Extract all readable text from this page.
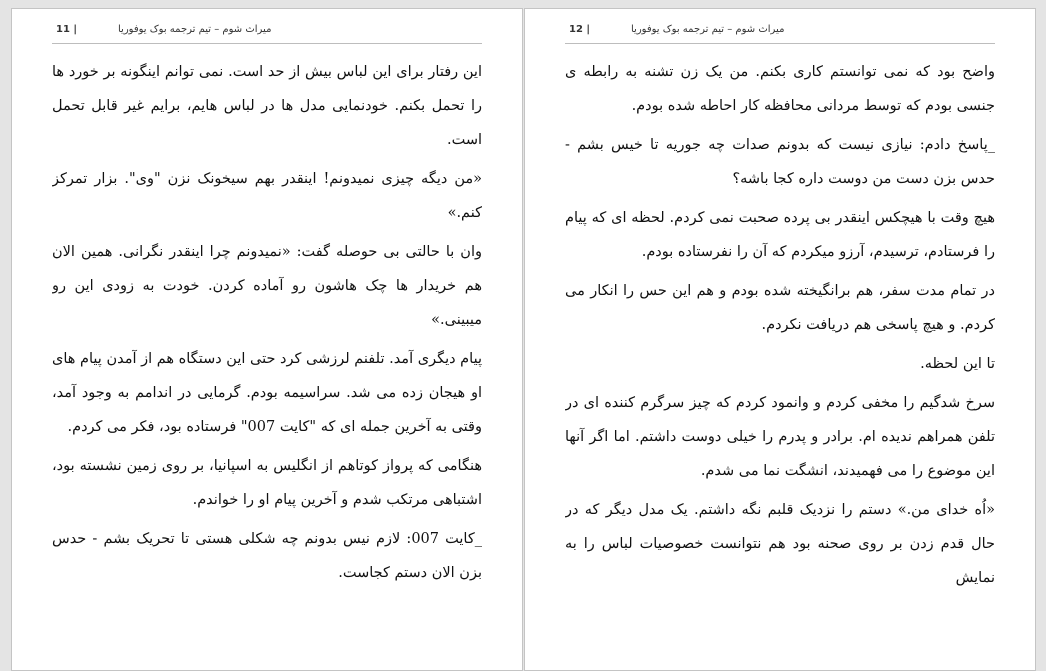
| 11	میراث شوم – تیم ترجمه بوک یوفوریا

این رفتار برای این لباس بیش از حد است. نمی توانم اینگونه بر خورد ها را تحمل بکنم. خودنمایی مدل ها در لباس هایم، برایم غیر قابل تحمل است.

«من دیگه چیزی نمیدونم! اینقدر بهم سیخونک نزن "وی". بزار تمرکز کنم.»

وان با حالتی بی حوصله گفت: «نمیدونم چرا اینقدر نگرانی. همین الان هم خریدار ها چک هاشون رو آماده کردن. خودت به زودی این رو میبینی.»

پیام دیگری آمد. تلفنم لرزشی کرد حتی این دستگاه هم از آمدن پیام های او هیجان زده می شد. سراسیمه بودم. گرمایی در اندامم به وجود آمد، وقتی به آخرین جمله ای که "کایت 007" فرستاده بود، فکر می کردم.

هنگامی که پرواز کوتاهم از انگلیس به اسپانیا، بر روی زمین نشسته بود، اشتباهی مرتکب شدم و آخرین پیام او را خواندم.

_کایت 007: لازم نیس بدونم چه شکلی هستی تا تحریک بشم - حدس بزن الان دستم کجاست.

| 12	میراث شوم – تیم ترجمه بوک یوفوریا

واضح بود که نمی توانستم کاری بکنم. من یک زن تشنه به رابطه ی جنسی بودم که توسط مردانی محافظه کار احاطه شده بودم.

_پاسخ دادم: نیازی نیست که بدونم صدات چه جوریه تا خیس بشم - حدس بزن دست من دوست داره کجا باشه؟

هیچ وقت با هیچکس اینقدر بی پرده صحبت نمی کردم. لحظه ای که پیام را فرستادم، ترسیدم، آرزو میکردم که آن را نفرستاده بودم.

در تمام مدت سفر، هم برانگیخته شده بودم و هم این حس را انکار می کردم. و هیچ پاسخی هم دریافت نکردم.

تا این لحظه.

سرخ شدگیم را مخفی کردم و وانمود کردم که چیز سرگرم کننده ای در تلفن همراهم ندیده ام. برادر و پدرم را خیلی دوست داشتم. اما اگر آنها این موضوع را می فهمیدند، انشگت نما می شدم.

«اُه خدای من.» دستم را نزدیک قلبم نگه داشتم. یک مدل دیگر که در حال قدم زدن بر روی صحنه بود هم نتوانست خصوصیات لباس را به نمایش
